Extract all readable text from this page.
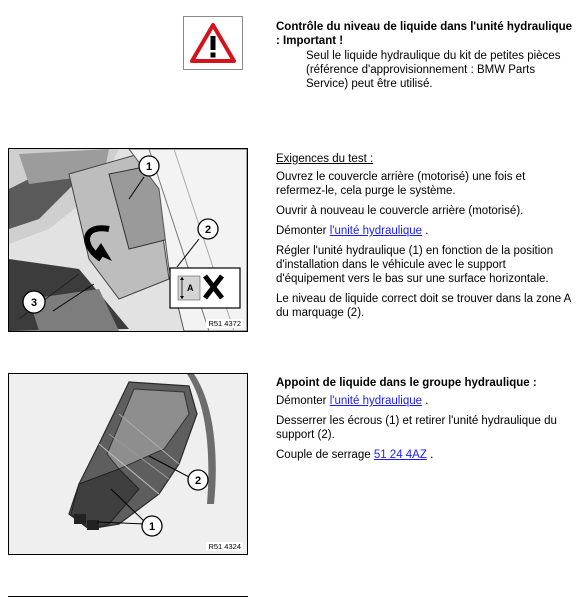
Contrôle du niveau de liquide dans l'unité hydraulique : Important !

Seul le liquide hydraulique du kit de petites pièces (référence d'approvisionnement : BMW Parts Service) peut être utilisé.

A
1
2
3
R51 4372

Exigences du test :

Ouvrez le couvercle arrière (motorisé) une fois et refermez-le, cela purge le système.

Ouvrir à nouveau le couvercle arrière (motorisé).

Démonter l'unité hydraulique .

Régler l'unité hydraulique (1) en fonction de la position d'installation dans le véhicule avec le support d'équipement vers le bas sur une surface horizontale.

Le niveau de liquide correct doit se trouver dans la zone A du marquage (2).

2
1
R51 4324

Appoint de liquide dans le groupe hydraulique :

Démonter l'unité hydraulique .

Desserrer les écrous (1) et retirer l'unité hydraulique du support (2).

Couple de serrage 51 24 4AZ .
